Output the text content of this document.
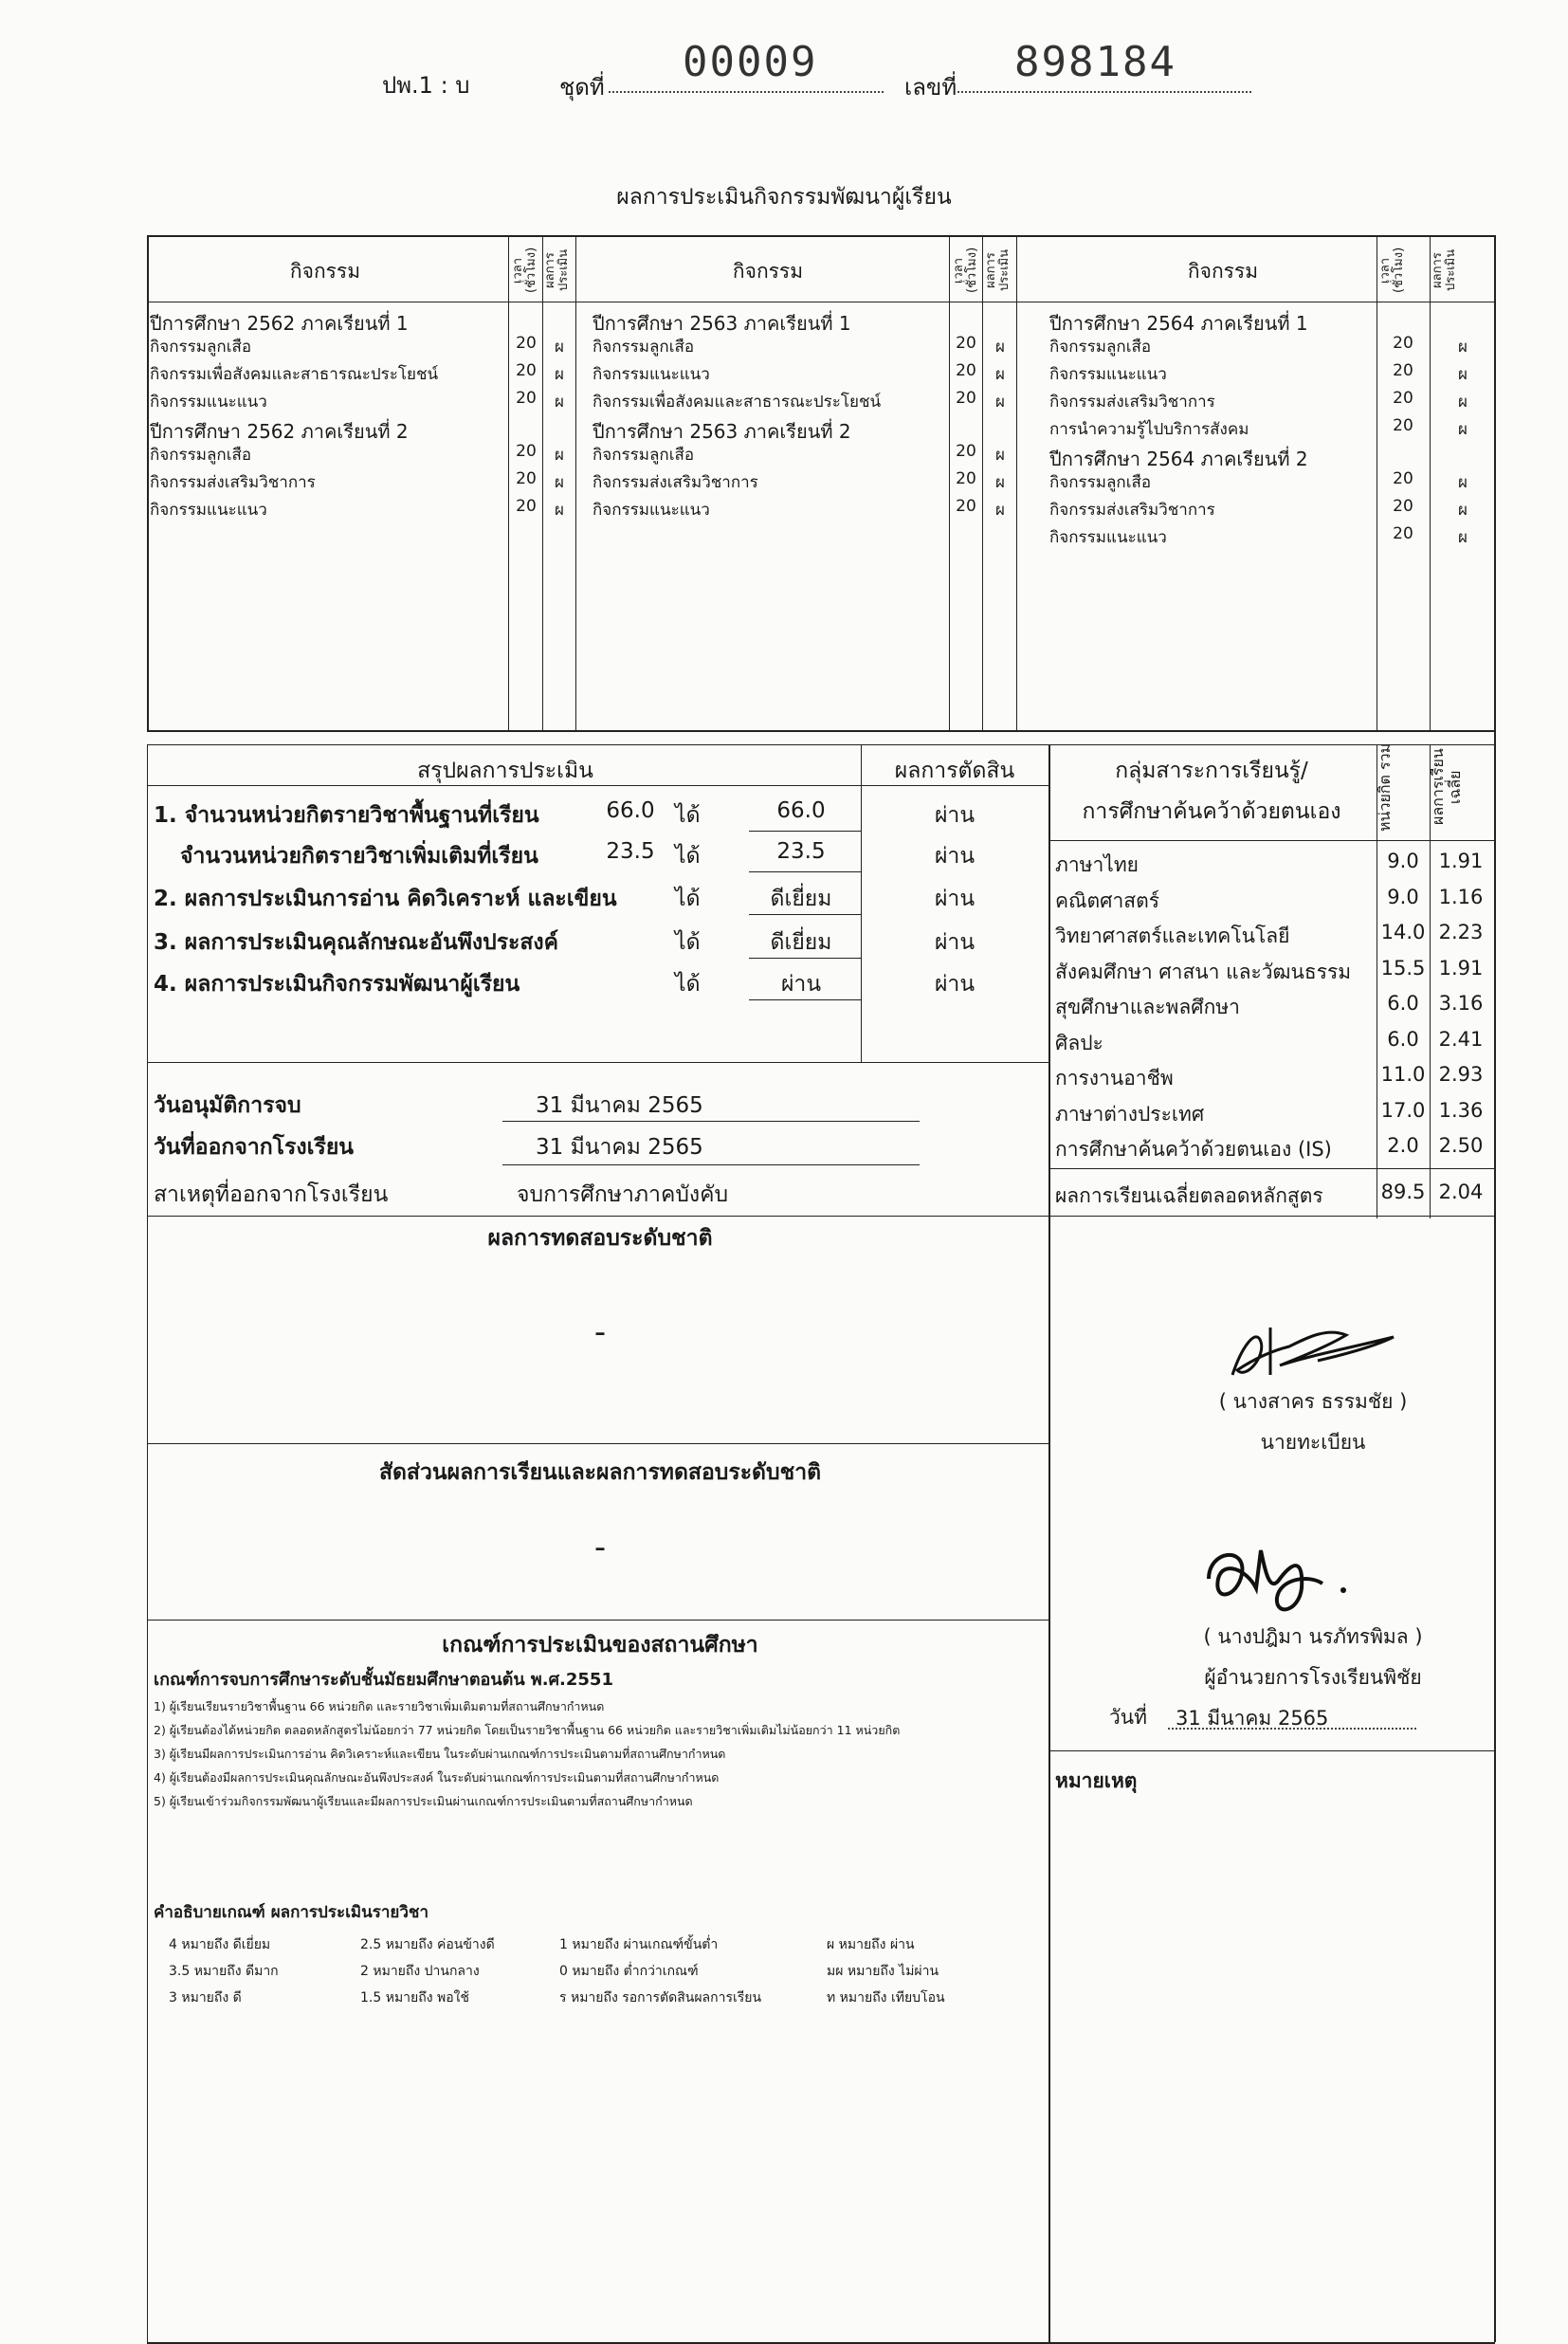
ปพ.1 : บ	ชุดที่
00009
เลขที่
898184
ผลการประเมินกิจกรรมพัฒนาผู้เรียน
กิจกรรม	กิจกรรม	กิจกรรม
เวลา (ชั่วโมง) ผลการ ประเมิน	เวลา (ชั่วโมง) ผลการ ประเมิน	เวลา (ชั่วโมง) ผลการ ประเมิน
ปีการศึกษา 2562 ภาคเรียนที่ 1
กิจกรรมลูกเสือ	20	ผ
กิจกรรมเพื่อสังคมและสาธารณะประโยชน์	20	ผ
กิจกรรมแนะแนว	20	ผ
ปีการศึกษา 2562 ภาคเรียนที่ 2
กิจกรรมลูกเสือ	20	ผ
กิจกรรมส่งเสริมวิชาการ	20	ผ
กิจกรรมแนะแนว	20	ผ
ปีการศึกษา 2563 ภาคเรียนที่ 1
กิจกรรมลูกเสือ	20	ผ
กิจกรรมแนะแนว	20	ผ
กิจกรรมเพื่อสังคมและสาธารณะประโยชน์	20	ผ
ปีการศึกษา 2563 ภาคเรียนที่ 2
กิจกรรมลูกเสือ	20	ผ
กิจกรรมส่งเสริมวิชาการ	20	ผ
กิจกรรมแนะแนว	20	ผ
ปีการศึกษา 2564 ภาคเรียนที่ 1
กิจกรรมลูกเสือ	20	ผ
กิจกรรมแนะแนว	20	ผ
กิจกรรมส่งเสริมวิชาการ	20	ผ
การนำความรู้ไปบริการสังคม	20	ผ
ปีการศึกษา 2564 ภาคเรียนที่ 2
กิจกรรมลูกเสือ	20	ผ
กิจกรรมส่งเสริมวิชาการ	20	ผ
กิจกรรมแนะแนว	20	ผ
สรุปผลการประเมิน	ผลการตัดสิน
1. จำนวนหน่วยกิตรายวิชาพื้นฐานที่เรียน	66.0 ได้	66.0	ผ่าน
จำนวนหน่วยกิตรายวิชาเพิ่มเติมที่เรียน	23.5 ได้	23.5	ผ่าน
2. ผลการประเมินการอ่าน คิดวิเคราะห์ และเขียน	ได้	ดีเยี่ยม	ผ่าน
3. ผลการประเมินคุณลักษณะอันพึงประสงค์	ได้	ดีเยี่ยม	ผ่าน
4. ผลการประเมินกิจกรรมพัฒนาผู้เรียน	ได้	ผ่าน	ผ่าน
วันอนุมัติการจบ	31 มีนาคม 2565
วันที่ออกจากโรงเรียน	31 มีนาคม 2565
สาเหตุที่ออกจากโรงเรียน	จบการศึกษาภาคบังคับ
กลุ่มสาระการเรียนรู้/
การศึกษาค้นคว้าด้วยตนเอง	หน่วยกิต รวม	ผลการเรียน เฉลี่ย
ภาษาไทย	9.0 1.91
คณิตศาสตร์	9.0 1.16
วิทยาศาสตร์และเทคโนโลยี	14.0 2.23
สังคมศึกษา ศาสนา และวัฒนธรรม 15.5 1.91
สุขศึกษาและพลศึกษา	6.0 3.16
ศิลปะ	6.0 2.41
การงานอาชีพ	11.0 2.93
ภาษาต่างประเทศ	17.0 1.36
การศึกษาค้นคว้าด้วยตนเอง (IS)	2.0 2.50
ผลการเรียนเฉลี่ยตลอดหลักสูตร	89.5 2.04
ผลการทดสอบระดับชาติ
-
สัดส่วนผลการเรียนและผลการทดสอบระดับชาติ
-
( นางสาคร ธรรมชัย )
นายทะเบียน
( นางปฎิมา นรภัทรพิมล )
ผู้อำนวยการโรงเรียนพิชัย
วันที่ 31 มีนาคม 2565
เกณฑ์การประเมินของสถานศึกษา
เกณฑ์การจบการศึกษาระดับชั้นมัธยมศึกษาตอนต้น พ.ศ.2551
1) ผู้เรียนเรียนรายวิชาพื้นฐาน 66 หน่วยกิต และรายวิชาเพิ่มเติมตามที่สถานศึกษากำหนด
2) ผู้เรียนต้องได้หน่วยกิต ตลอดหลักสูตรไม่น้อยกว่า 77 หน่วยกิต โดยเป็นรายวิชาพื้นฐาน 66 หน่วยกิต และรายวิชาเพิ่มเติมไม่น้อยกว่า 11 หน่วยกิต
3) ผู้เรียนมีผลการประเมินการอ่าน คิดวิเคราะห์และเขียน ในระดับผ่านเกณฑ์การประเมินตามที่สถานศึกษากำหนด
4) ผู้เรียนต้องมีผลการประเมินคุณลักษณะอันพึงประสงค์ ในระดับผ่านเกณฑ์การประเมินตามที่สถานศึกษากำหนด
5) ผู้เรียนเข้าร่วมกิจกรรมพัฒนาผู้เรียนและมีผลการประเมินผ่านเกณฑ์การประเมินตามที่สถานศึกษากำหนด
หมายเหตุ
คำอธิบายเกณฑ์ ผลการประเมินรายวิชา
4 หมายถึง ดีเยี่ยม
3.5 หมายถึง ดีมาก
3 หมายถึง ดี
2.5 หมายถึง ค่อนข้างดี
2 หมายถึง ปานกลาง
1.5 หมายถึง พอใช้
1 หมายถึง ผ่านเกณฑ์ขั้นต่ำ
0 หมายถึง ต่ำกว่าเกณฑ์
ร หมายถึง รอการตัดสินผลการเรียน
ผ หมายถึง ผ่าน
มผ หมายถึง ไม่ผ่าน
ท หมายถึง เทียบโอน
